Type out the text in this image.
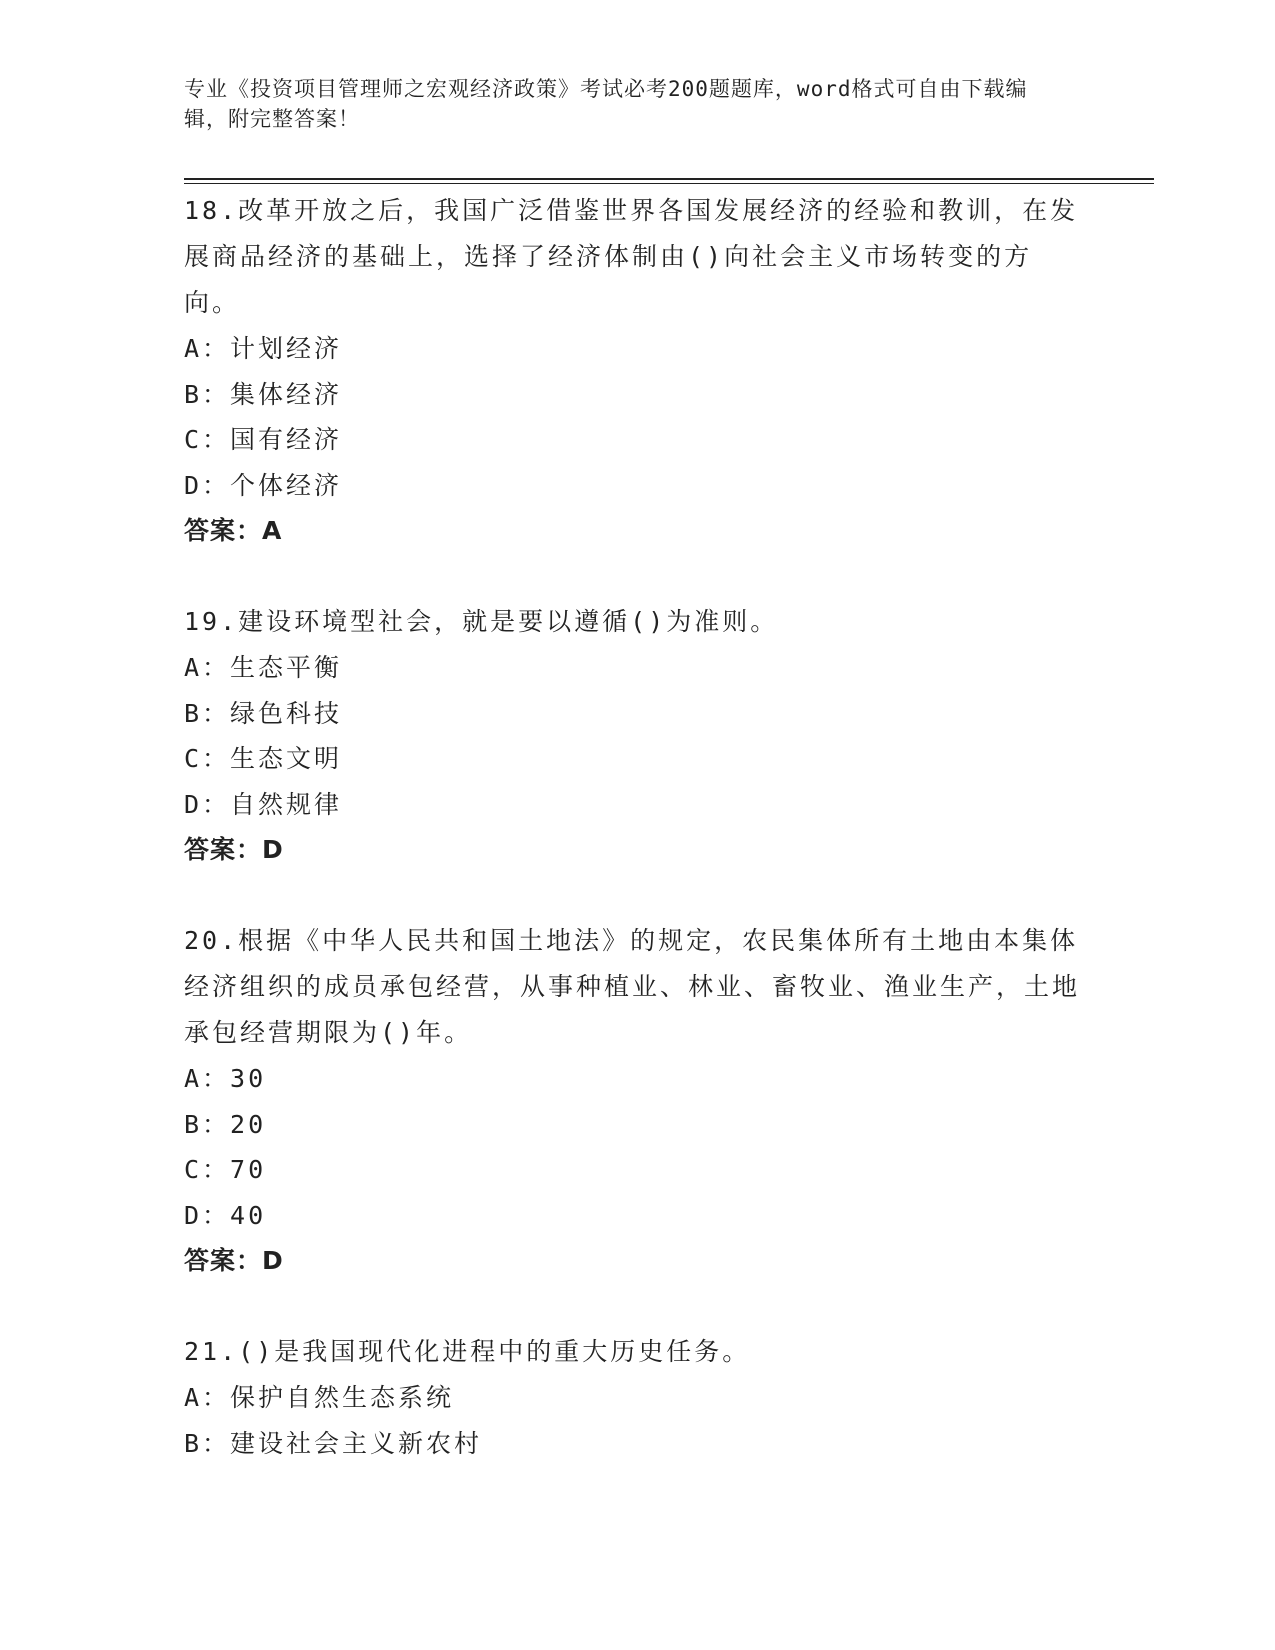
专业《投资项目管理师之宏观经济政策》考试必考200题题库，word格式可自由下载编辑，附完整答案！
18.改革开放之后，我国广泛借鉴世界各国发展经济的经验和教训，在发展商品经济的基础上，选择了经济体制由()向社会主义市场转变的方向。
A：计划经济
B：集体经济
C：国有经济
D：个体经济
答案：A
19.建设环境型社会，就是要以遵循()为准则。
A：生态平衡
B：绿色科技
C：生态文明
D：自然规律
答案：D
20.根据《中华人民共和国土地法》的规定，农民集体所有土地由本集体经济组织的成员承包经营，从事种植业、林业、畜牧业、渔业生产，土地承包经营期限为()年。
A：30
B：20
C：70
D：40
答案：D
21.()是我国现代化进程中的重大历史任务。
A：保护自然生态系统
B：建设社会主义新农村
